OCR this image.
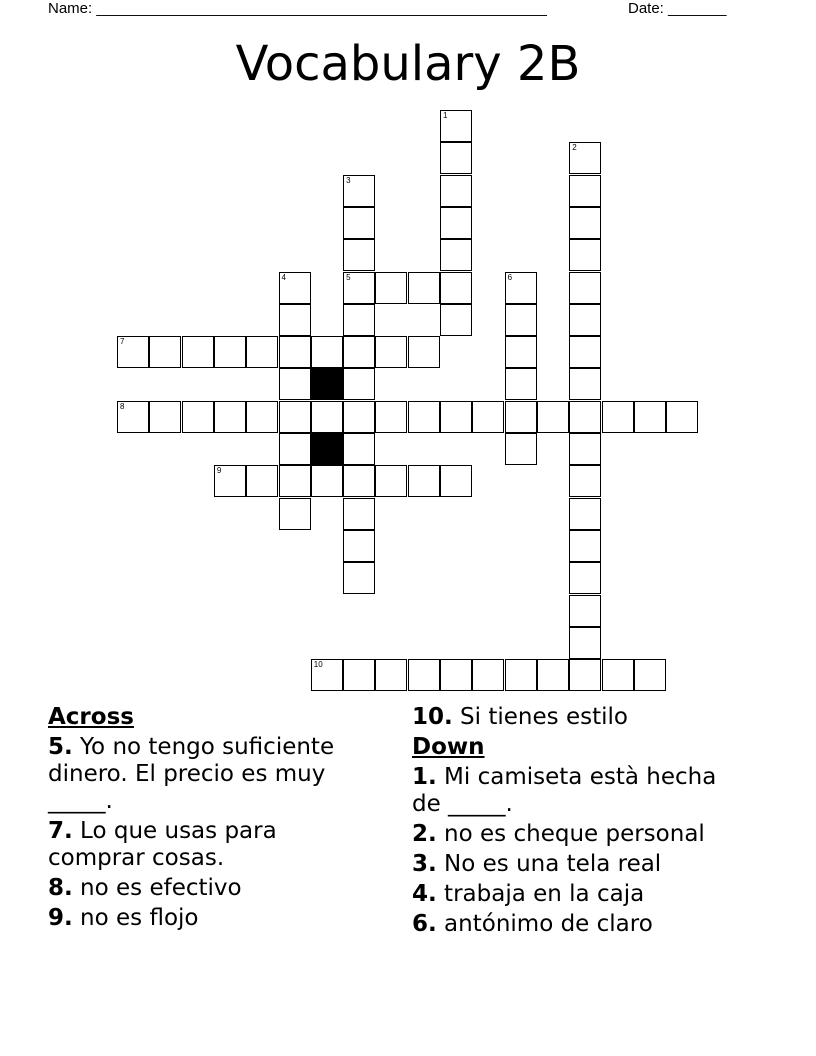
Name: ______________________________________________________	Date: _______
Vocabulary 2B
1
2
3
5
4	6
7
8
9
10
Across
5. Yo no tengo suficiente dinero. El precio es muy _____.
7. Lo que usas para comprar cosas.
8. no es efectivo
9. no es flojo
10. Si tienes estilo
Down
1. Mi camiseta està hecha de _____.
2. no es cheque personal
3. No es una tela real
4. trabaja en la caja
6. antónimo de claro
